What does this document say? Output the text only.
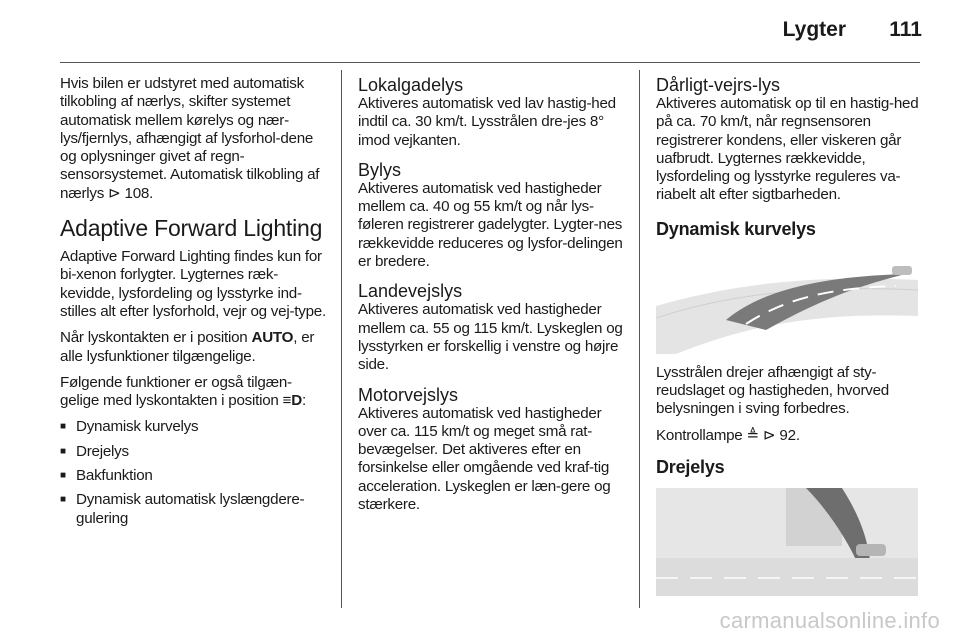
Lygter 111

Hvis bilen er udstyret med automatisk tilkobling af nærlys, skifter systemet automatisk mellem kørelys og nær-lys/fjernlys, afhængigt af lysforhol-dene og oplysninger givet af regn-sensorsystemet. Automatisk tilkobling af nærlys ⊳ 108.

Adaptive Forward Lighting

Adaptive Forward Lighting findes kun for bi-xenon forlygter. Lygternes ræk-kevidde, lysfordeling og lysstyrke ind-stilles alt efter lysforhold, vejr og vej-type.

Når lyskontakten er i position AUTO, er alle lysfunktioner tilgængelige.

Følgende funktioner er også tilgæn-gelige med lyskontakten i position ≡D:

■ Dynamisk kurvelys
■ Drejelys
■ Bakfunktion
■ Dynamisk automatisk lyslængdere-gulering
Lokalgadelys

Aktiveres automatisk ved lav hastig-hed indtil ca. 30 km/t. Lysstrålen dre-jes 8° imod vejkanten.

Bylys

Aktiveres automatisk ved hastigheder mellem ca. 40 og 55 km/t og når lys-føleren registrerer gadelygter. Lygter-nes rækkevidde reduceres og lysfor-delingen er bredere.

Landevejslys

Aktiveres automatisk ved hastigheder mellem ca. 55 og 115 km/t. Lyskeglen og lysstyrken er forskellig i venstre og højre side.

Motorvejslys

Aktiveres automatisk ved hastigheder over ca. 115 km/t og meget små rat-bevægelser. Det aktiveres efter en forsinkelse eller omgående ved kraf-tig acceleration. Lyskeglen er læn-gere og stærkere.

Dårligt-vejrs-lys

Aktiveres automatisk op til en hastig-hed på ca. 70 km/t, når regnsensoren registrerer kondens, eller viskeren går uafbrudt. Lygternes rækkevidde, lysfordeling og lysstyrke reguleres va-riabelt alt efter sigtbarheden.

Dynamisk kurvelys

Lysstrålen drejer afhængigt af sty-reudslaget og hastigheden, hvorved belysningen i sving forbedres.

Kontrollampe ≜ ⊳ 92.

Drejelys
carmanualsonline.info
